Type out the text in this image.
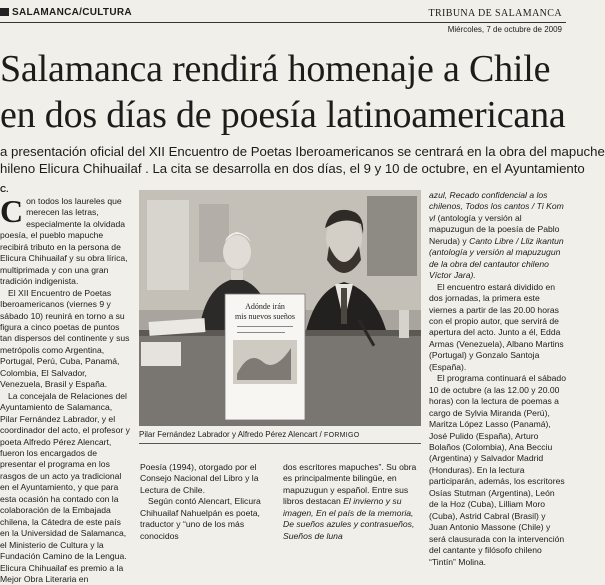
SALAMANCA/CULTURA	TRIBUNA DE SALAMANCA
Miércoles, 7 de octubre de 2009
Salamanca rendirá homenaje a Chile
en dos días de poesía latinoamericana
a presentación oficial del XII Encuentro de Poetas Iberoamericanos se centrará en la obra del mapuche
hileno Elicura Chihuailaf . La cita se desarrolla en dos días, el 9 y 10 de octubre, en el Ayuntamiento
C.

Con todos los laureles que merecen las letras, especialmente la olvidada poesía, el pueblo mapuche recibirá tributo en la persona de Elicura Chihuailaf y su obra lírica, multiprimada y con una gran tradición indigenista.

El XII Encuentro de Poetas Iberoamericanos (viernes 9 y sábado 10) reunirá en torno a su figura a cinco poetas de puntos tan dispersos del continente y sus metrópolis como Argentina, Portugal, Perú, Cuba, Panamá, Colombia, El Salvador, Venezuela, Brasil y España.

La concejala de Relaciones del Ayuntamiento de Salamanca, Pilar Fernández Labrador, y el coordinador del acto, el profesor y poeta Alfredo Pérez Alencart, fueron los encargados de presentar el programa en los rasgos de un acto ya tradicional en el Ayuntamiento, y que para esta ocasión ha contado con la colaboración de la Embajada chilena, la Cátedra de este país en la Universidad de Salamanca, el Ministerio de Cultura y la Fundación Camino de la Lengua. Elicura Chihuailaf es premio a la Mejor Obra Literaria en

Adónde irán
mis nuevos sueños
Pilar Fernández Labrador y Alfredo Pérez Alencart / FORMIGO

Poesía (1994), otorgado por el Consejo Nacional del Libro y la Lectura de Chile.

Según contó Alencart, Elicura Chihuailaf Nahuelpán es poeta, traductor y “uno de los más conocidos

dos escritores mapuches”. Su obra es principalmente bilingüe, en mapuzugun y español. Entre sus libros destacan El invierno y su imagen, En el país de la memoria, De sueños azules y contrasueños, Sueños de luna

azul, Recado confidencial a los chilenos, Todos los cantos / Ti Kom vl (antología y versión al mapuzugun de la poesía de Pablo Neruda) y Canto Libre / Lliz ikantun (antología y versión al mapuzugun de la obra del cantautor chileno Víctor Jara).

El encuentro estará dividido en dos jornadas, la primera este viernes a partir de las 20.00 horas con el propio autor, que servirá de apertura del acto. Junto a él, Edda Armas (Venezuela), Albano Martins (Portugal) y Gonzalo Santoja (España).

El programa continuará el sábado 10 de octubre (a las 12.00 y 20.00 horas) con la lectura de poemas a cargo de Sylvia Miranda (Perú), Maritza López Lasso (Panamá), José Pulido (España), Arturo Bolaños (Colombia), Ana Becciu (Argentina) y Salvador Madrid (Honduras). En la lectura participarán, además, los escritores Osías Stutman (Argentina), León de la Hoz (Cuba), Lilliam Moro (Cuba), Astrid Cabral (Brasil) y Juan Antonio Massone (Chile) y será clausurada con la intervención del cantante y filósofo chileno “Tintín” Molina.
